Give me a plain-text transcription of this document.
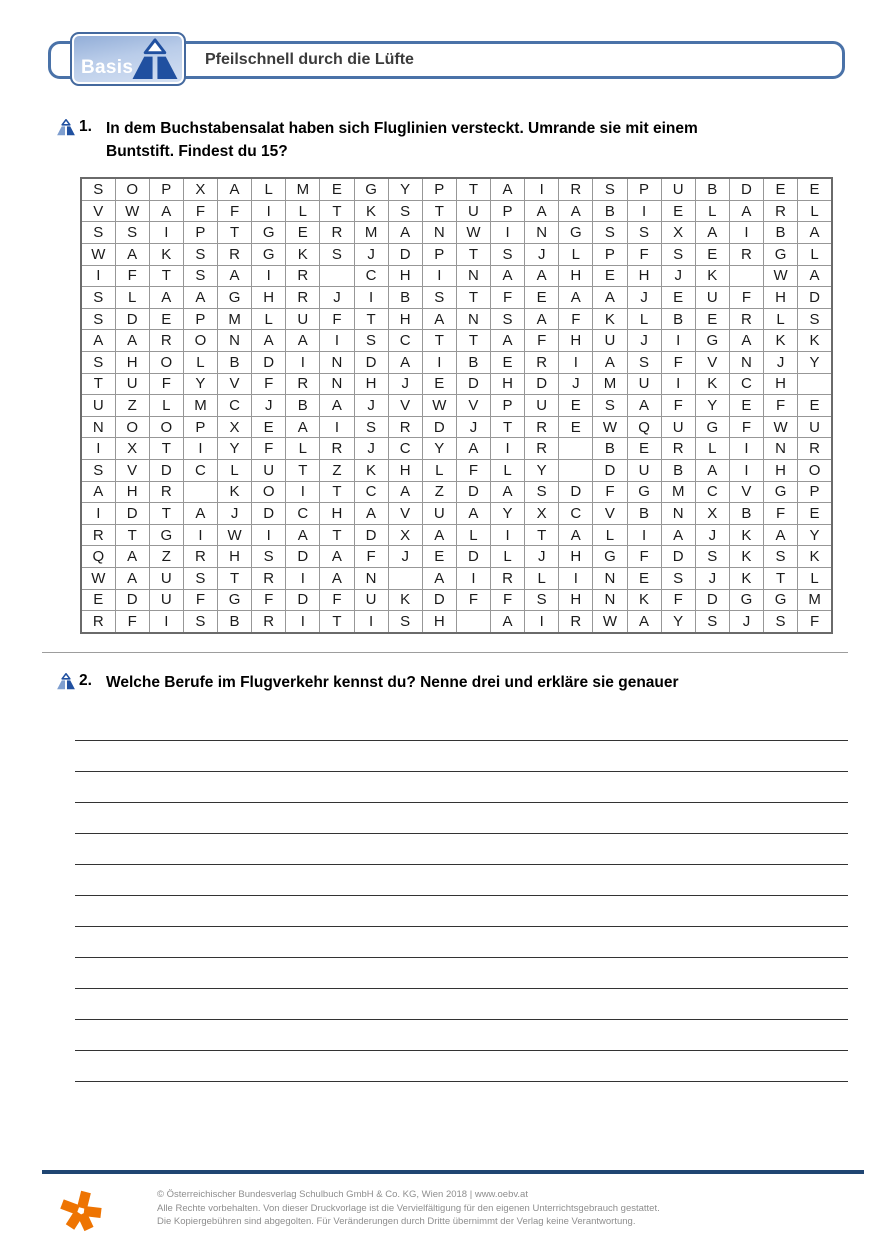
Pfeilschnell durch die Lüfte
Basis
1. In dem Buchstabensalat haben sich Fluglinien versteckt. Umrande sie mit einem
Buntstift. Findest du 15?
S	O	P	X	A	L	M	E	G	Y	P	T	A	I	R	S	P	U	B	D	E	E
V	W	A	F	F	I	L	T	K	S	T	U	P	A	A	B	I	E	L	A	R	L
S	S	I	P	T	G	E	R	M	A	N	W	I	N	G	S	S	X	A	I	B	A
W	A	K	S	R	G	K	S	J	D	P	T	S	J	L	P	F	S	E	R	G	L
I	F	T	S	A	I	R		C	H	I	N	A	A	H	E	H	J	K		W	A
S	L	A	A	G	H	R	J	I	B	S	T	F	E	A	A	J	E	U	F	H	D
S	D	E	P	M	L	U	F	T	H	A	N	S	A	F	K	L	B	E	R	L	S
A	A	R	O	N	A	A	I	S	C	T	T	A	F	H	U	J	I	G	A	K	K
S	H	O	L	B	D	I	N	D	A	I	B	E	R	I	A	S	F	V	N	J	Y
T	U	F	Y	V	F	R	N	H	J	E	D	H	D	J	M	U	I	K	C	H	
U	Z	L	M	C	J	B	A	J	V	W	V	P	U	E	S	A	F	Y	E	F	E
N	O	O	P	X	E	A	I	S	R	D	J	T	R	E	W	Q	U	G	F	W	U
I	X	T	I	Y	F	L	R	J	C	Y	A	I	R		B	E	R	L	I	N	R
S	V	D	C	L	U	T	Z	K	H	L	F	L	Y		D	U	B	A	I	H	O
A	H	R		K	O	I	T	C	A	Z	D	A	S	D	F	G	M	C	V	G	P
I	D	T	A	J	D	C	H	A	V	U	A	Y	X	C	V	B	N	X	B	F	E
R	T	G	I	W	I	A	T	D	X	A	L	I	T	A	L	I	A	J	K	A	Y
Q	A	Z	R	H	S	D	A	F	J	E	D	L	J	H	G	F	D	S	K	S	K
W	A	U	S	T	R	I	A	N		A	I	R	L	I	N	E	S	J	K	T	L
E	D	U	F	G	F	D	F	U	K	D	F	F	S	H	N	K	F	D	G	G	M
R	F	I	S	B	R	I	T	I	S	H		A	I	R	W	A	Y	S	J	S	F
2. Welche Berufe im Flugverkehr kennst du? Nenne drei und erkläre sie genauer
© Österreichischer Bundesverlag Schulbuch GmbH & Co. KG, Wien 2018 | www.oebv.at
Alle Rechte vorbehalten. Von dieser Druckvorlage ist die Vervielfältigung für den eigenen Unterrichtsgebrauch gestattet.
Die Kopiergebühren sind abgegolten. Für Veränderungen durch Dritte übernimmt der Verlag keine Verantwortung.
